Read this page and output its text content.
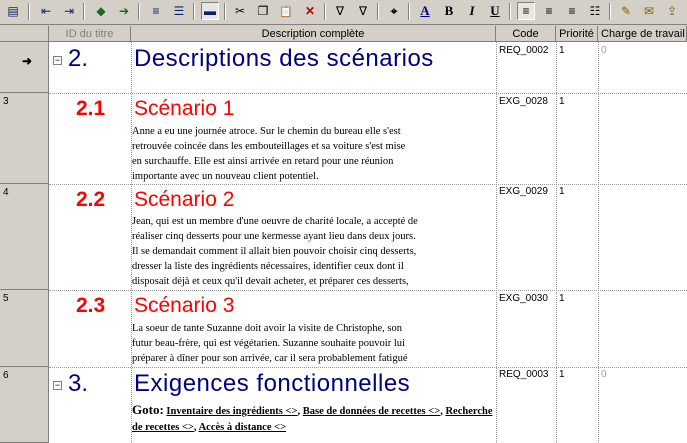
▤	⇤	⇥	◆	➔	≡	☰	▬	✂	❐ 📋	✕	∇	∇	⌖	A	B	I	U	≡	≡	≡	☷	✎	✉	⇪
ID du titre	Description complète	Code	Priorité Charge de travail
➜
3
4
5
6
− 2. Descriptions des scénarios	REQ_0002 1	0
2.1 Scénario 1
Anne a eu une journée atroce. Sur le chemin du bureau elle s'est
retrouvée coincée dans les embouteillages et sa voiture s'est mise
en surchauffe. Elle est ainsi arrivée en retard pour une réunion
importante avec un nouveau client potentiel.
EXG_0028 1
2.2 Scénario 2
Jean, qui est un membre d'une oeuvre de charité locale, a accepté de
réaliser cinq desserts pour une kermesse ayant lieu dans deux jours.
Il se demandait comment il allait bien pouvoir choisir cinq desserts,
dresser la liste des ingrédients nécessaires, identifier ceux dont il
disposait déjà et ceux qu'il devait acheter, et préparer ces desserts,
EXG_0029 1
2.3 Scénario 3
La soeur de tante Suzanne doit avoir la visite de Christophe, son
futur beau-frère, qui est végétarien. Suzanne souhaite pouvoir lui
préparer à dîner pour son arrivée, car il sera probablement fatigué
EXG_0030 1
− 3. Exigences fonctionnelles
Goto: Inventaire des ingrédients <>, Base de données de recettes <>, Recherche de recettes <>, Accès à distance <>
REQ_0003 1	0
